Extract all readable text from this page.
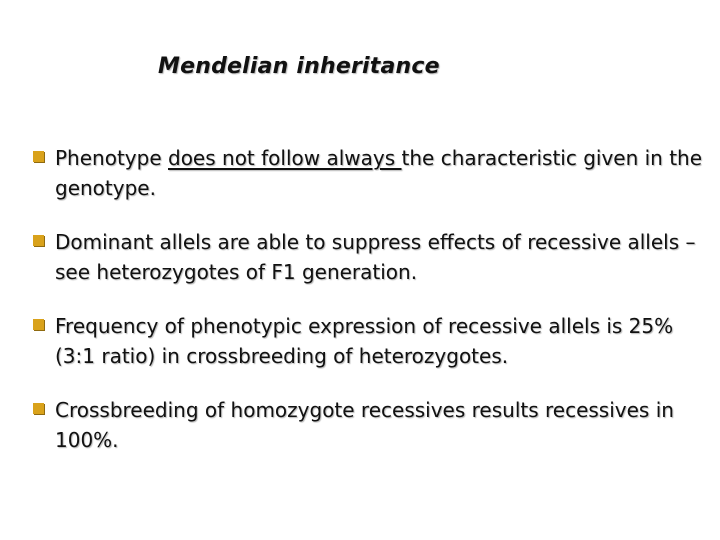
Mendelian inheritance
Phenotype does not follow always the characteristic given in the genotype.
Dominant allels are able to suppress effects of recessive allels – see heterozygotes of F1 generation.
Frequency of phenotypic expression of recessive allels is 25% (3:1 ratio) in crossbreeding of heterozygotes.
Crossbreeding of homozygote recessives results recessives in 100%.
